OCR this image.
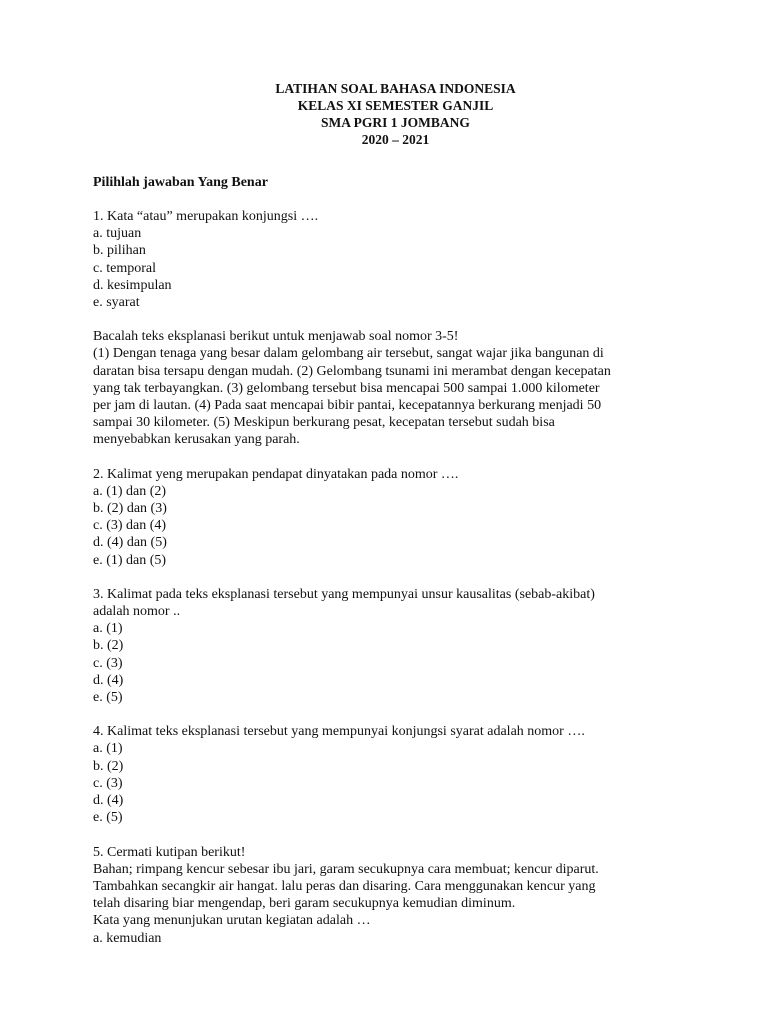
LATIHAN SOAL BAHASA INDONESIA
KELAS XI SEMESTER GANJIL
SMA PGRI 1 JOMBANG
2020 – 2021
Pilihlah jawaban Yang Benar
1. Kata “atau” merupakan konjungsi ….
a. tujuan
b. pilihan
c. temporal
d. kesimpulan
e. syarat
Bacalah teks eksplanasi berikut untuk menjawab soal nomor 3-5!
(1) Dengan tenaga yang besar dalam gelombang air tersebut, sangat wajar jika bangunan di
daratan bisa tersapu dengan mudah. (2) Gelombang tsunami ini merambat dengan kecepatan
yang tak terbayangkan. (3) gelombang tersebut bisa mencapai 500 sampai 1.000 kilometer
per jam di lautan. (4) Pada saat mencapai bibir pantai, kecepatannya berkurang menjadi 50
sampai 30 kilometer. (5) Meskipun berkurang pesat, kecepatan tersebut sudah bisa
menyebabkan kerusakan yang parah.
2. Kalimat yeng merupakan pendapat dinyatakan pada nomor ….
a. (1) dan (2)
b. (2) dan (3)
c. (3) dan (4)
d. (4) dan (5)
e. (1) dan (5)
3. Kalimat pada teks eksplanasi tersebut yang mempunyai unsur kausalitas (sebab-akibat)
adalah nomor ..
a. (1)
b. (2)
c. (3)
d. (4)
e. (5)
4. Kalimat teks eksplanasi tersebut yang mempunyai konjungsi syarat adalah nomor ….
a. (1)
b. (2)
c. (3)
d. (4)
e. (5)
5. Cermati kutipan berikut!
Bahan; rimpang kencur sebesar ibu jari, garam secukupnya cara membuat; kencur diparut.
Tambahkan secangkir air hangat. lalu peras dan disaring. Cara menggunakan kencur yang
telah disaring biar mengendap, beri garam secukupnya kemudian diminum.
Kata yang menunjukan urutan kegiatan adalah …
a. kemudian
